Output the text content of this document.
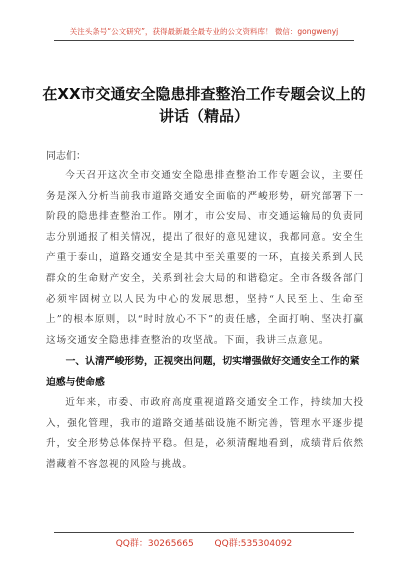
关注头条号“公文研究”，获得最新最全最专业的公文资料库！ 微信：gongwenyj
在XX市交通安全隐患排查整治工作专题会议上的讲话（精品）
同志们：
今天召开这次全市交通安全隐患排查整治工作专题会议，主要任务是深入分析当前我市道路交通安全面临的严峻形势，研究部署下一阶段的隐患排查整治工作。刚才，市公安局、市交通运输局的负责同志分别通报了相关情况，提出了很好的意见建议，我都同意。安全生产重于泰山，道路交通安全是其中至关重要的一环，直接关系到人民群众的生命财产安全，关系到社会大局的和谐稳定。全市各级各部门必须牢固树立以人民为中心的发展思想，坚持“人民至上、生命至上”的根本原则，以“时时放心不下”的责任感，全面打响、坚决打赢这场交通安全隐患排查整治的攻坚战。下面，我讲三点意见。
一、认清严峻形势，正视突出问题，切实增强做好交通安全工作的紧迫感与使命感
近年来，市委、市政府高度重视道路交通安全工作，持续加大投入，强化管理，我市的道路交通基础设施不断完善，管理水平逐步提升，安全形势总体保持平稳。但是，必须清醒地看到，成绩背后依然潜藏着不容忽视的风险与挑战。
QQ群：30265665 QQ群:535304092
